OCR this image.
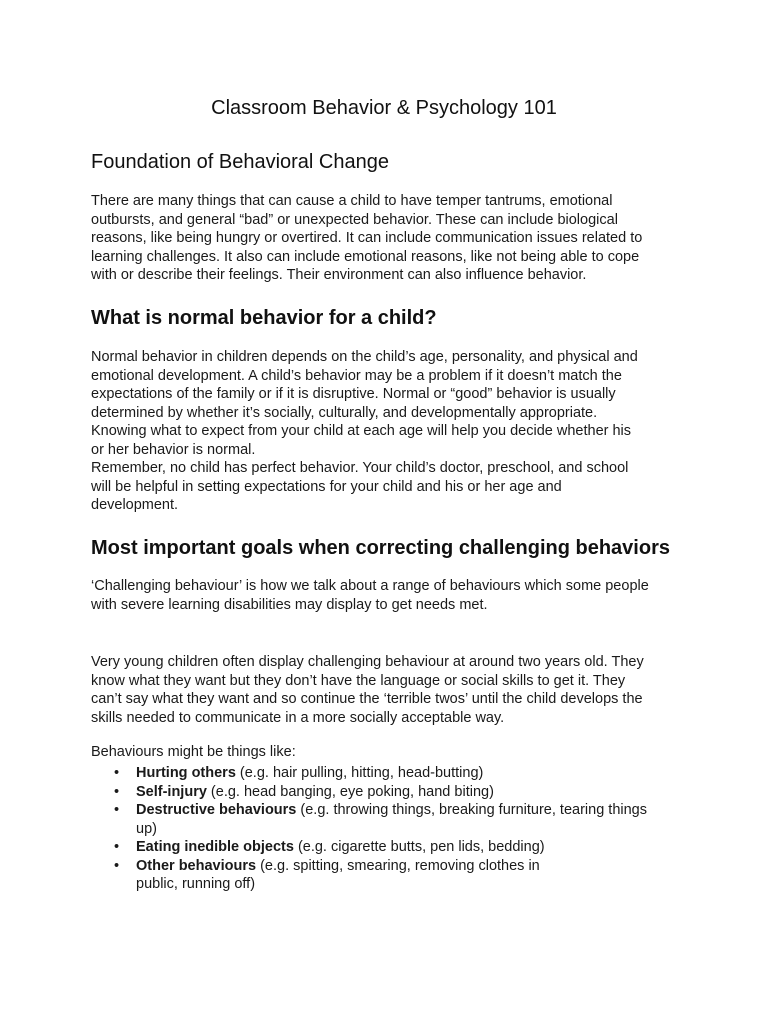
Classroom Behavior & Psychology 101
Foundation of Behavioral Change
There are many things that can cause a child to have temper tantrums, emotional
outbursts, and general “bad” or unexpected behavior. These can include biological
reasons, like being hungry or overtired. It can include communication issues related to
learning challenges. It also can include emotional reasons, like not being able to cope
with or describe their feelings. Their environment can also influence behavior.
What is normal behavior for a child?
Normal behavior in children depends on the child’s age, personality, and physical and
emotional development. A child’s behavior may be a problem if it doesn’t match the
expectations of the family or if it is disruptive. Normal or “good” behavior is usually
determined by whether it’s socially, culturally, and developmentally appropriate.
Knowing what to expect from your child at each age will help you decide whether his
or her behavior is normal.
Remember, no child has perfect behavior. Your child’s doctor, preschool, and school
will be helpful in setting expectations for your child and his or her age and
development.
Most important goals when correcting challenging behaviors
‘Challenging behaviour’ is how we talk about a range of behaviours which some people
with severe learning disabilities may display to get needs met.
Very young children often display challenging behaviour at around two years old. They
know what they want but they don’t have the language or social skills to get it. They
can’t say what they want and so continue the ‘terrible twos’ until the child develops the
skills needed to communicate in a more socially acceptable way.
Behaviours might be things like:
• Hurting others (e.g. hair pulling, hitting, head-butting)
• Self-injury (e.g. head banging, eye poking, hand biting)
• Destructive behaviours (e.g. throwing things, breaking furniture, tearing things
up)
• Eating inedible objects (e.g. cigarette butts, pen lids, bedding)
• Other behaviours (e.g. spitting, smearing, removing clothes in
public, running off)
